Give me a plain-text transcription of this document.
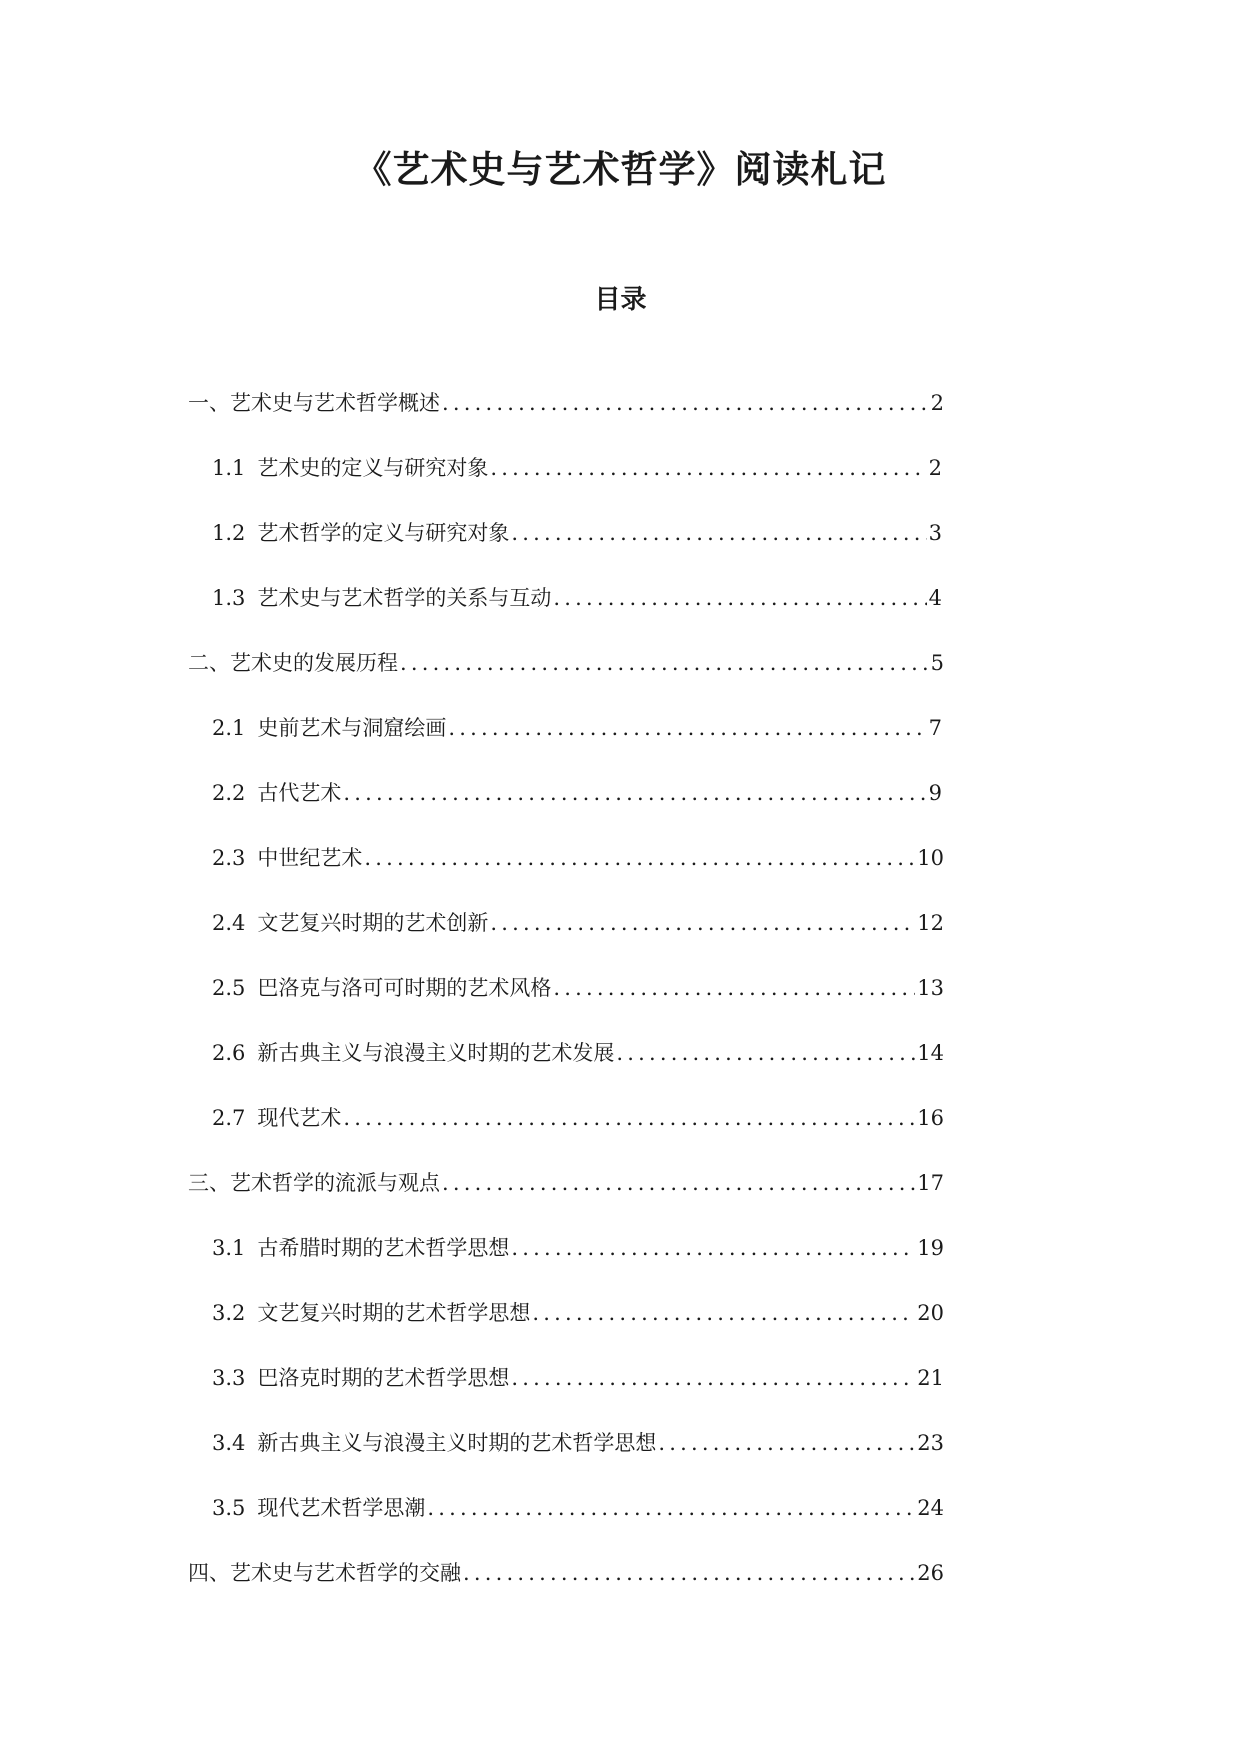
《艺术史与艺术哲学》阅读札记
目录
一、艺术史与艺术哲学概述 .....	2
1.1 艺术史的定义与研究对象 .....	2
1.2 艺术哲学的定义与研究对象 .....	3
1.3 艺术史与艺术哲学的关系与互动 .....	4
二、艺术史的发展历程 .....	5
2.1 史前艺术与洞窟绘画 .....	7
2.2 古代艺术 .....	9
2.3 中世纪艺术 .....	10
2.4 文艺复兴时期的艺术创新 .....	12
2.5 巴洛克与洛可可时期的艺术风格 .....	13
2.6 新古典主义与浪漫主义时期的艺术发展 .....	14
2.7 现代艺术 .....	16
三、艺术哲学的流派与观点 .....	17
3.1 古希腊时期的艺术哲学思想 .....	19
3.2 文艺复兴时期的艺术哲学思想 .....	20
3.3 巴洛克时期的艺术哲学思想 .....	21
3.4 新古典主义与浪漫主义时期的艺术哲学思想 .....	23
3.5 现代艺术哲学思潮 .....	24
四、艺术史与艺术哲学的交融 .....	26
